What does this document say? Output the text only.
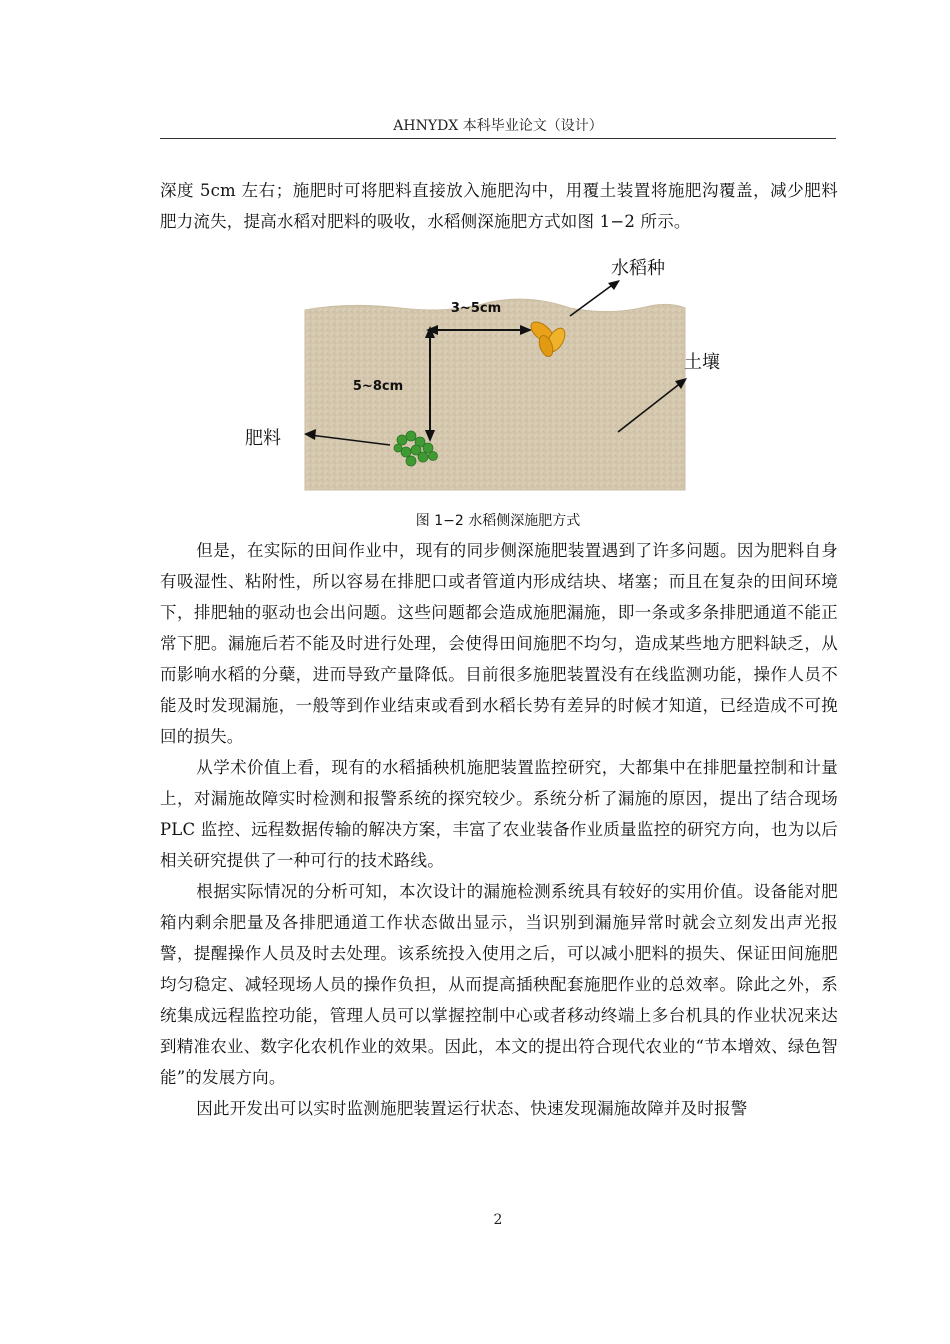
AHNYDX 本科毕业论文（设计）

深度 5cm 左右；施肥时可将肥料直接放入施肥沟中，用覆土装置将施肥沟覆盖，减少肥料肥力流失，提高水稻对肥料的吸收，水稻侧深施肥方式如图 1−2 所示。

3~5cm
5~8cm
水稻种
肥料
土壤
图 1−2 水稻侧深施肥方式

但是，在实际的田间作业中，现有的同步侧深施肥装置遇到了许多问题。因为肥料自身有吸湿性、粘附性，所以容易在排肥口或者管道内形成结块、堵塞；而且在复杂的田间环境下，排肥轴的驱动也会出问题。这些问题都会造成施肥漏施，即一条或多条排肥通道不能正常下肥。漏施后若不能及时进行处理，会使得田间施肥不均匀，造成某些地方肥料缺乏，从而影响水稻的分蘖，进而导致产量降低。目前很多施肥装置没有在线监测功能，操作人员不能及时发现漏施，一般等到作业结束或看到水稻长势有差异的时候才知道，已经造成不可挽回的损失。

从学术价值上看，现有的水稻插秧机施肥装置监控研究，大都集中在排肥量控制和计量上，对漏施故障实时检测和报警系统的探究较少。系统分析了漏施的原因，提出了结合现场 PLC 监控、远程数据传输的解决方案，丰富了农业装备作业质量监控的研究方向，也为以后相关研究提供了一种可行的技术路线。

根据实际情况的分析可知，本次设计的漏施检测系统具有较好的实用价值。设备能对肥箱内剩余肥量及各排肥通道工作状态做出显示，当识别到漏施异常时就会立刻发出声光报警，提醒操作人员及时去处理。该系统投入使用之后，可以减小肥料的损失、保证田间施肥均匀稳定、减轻现场人员的操作负担，从而提高插秧配套施肥作业的总效率。除此之外，系统集成远程监控功能，管理人员可以掌握控制中心或者移动终端上多台机具的作业状况来达到精准农业、数字化农机作业的效果。因此，本文的提出符合现代农业的“节本增效、绿色智能”的发展方向。

因此开发出可以实时监测施肥装置运行状态、快速发现漏施故障并及时报警

2
